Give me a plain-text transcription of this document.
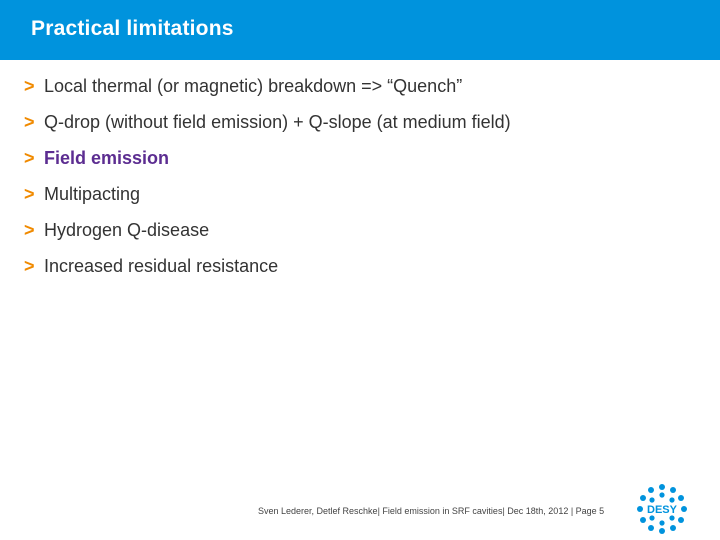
Practical limitations
> Local thermal (or magnetic) breakdown => “Quench”
> Q-drop (without field emission) + Q-slope (at medium field)
> Field emission
> Multipacting
> Hydrogen Q-disease
> Increased residual resistance
Sven Lederer, Detlef Reschke| Field emission in SRF cavities| Dec 18th, 2012 | Page 5	DESY
